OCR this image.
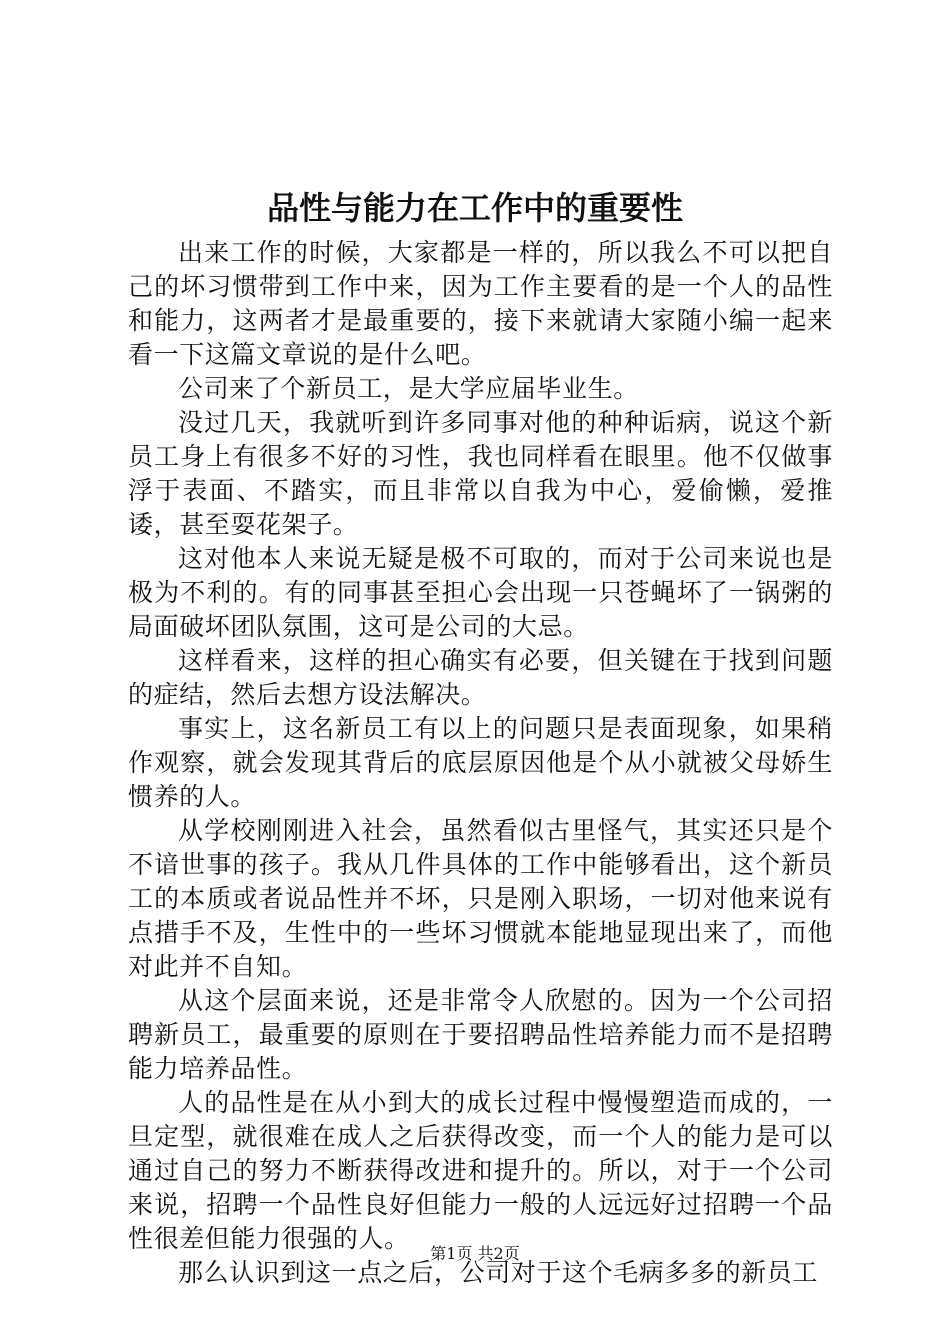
品性与能力在工作中的重要性

出来工作的时候，大家都是一样的，所以我么不可以把自己的坏习惯带到工作中来，因为工作主要看的是一个人的品性和能力，这两者才是最重要的，接下来就请大家随小编一起来看一下这篇文章说的是什么吧。

公司来了个新员工，是大学应届毕业生。

没过几天，我就听到许多同事对他的种种诟病，说这个新员工身上有很多不好的习性，我也同样看在眼里。他不仅做事浮于表面、不踏实，而且非常以自我为中心，爱偷懒，爱推诿，甚至耍花架子。

这对他本人来说无疑是极不可取的，而对于公司来说也是极为不利的。有的同事甚至担心会出现一只苍蝇坏了一锅粥的局面破坏团队氛围，这可是公司的大忌。

这样看来，这样的担心确实有必要，但关键在于找到问题的症结，然后去想方设法解决。

事实上，这名新员工有以上的问题只是表面现象，如果稍作观察，就会发现其背后的底层原因他是个从小就被父母娇生惯养的人。

从学校刚刚进入社会，虽然看似古里怪气，其实还只是个不谙世事的孩子。我从几件具体的工作中能够看出，这个新员工的本质或者说品性并不坏，只是刚入职场，一切对他来说有点措手不及，生性中的一些坏习惯就本能地显现出来了，而他对此并不自知。

从这个层面来说，还是非常令人欣慰的。因为一个公司招聘新员工，最重要的原则在于要招聘品性培养能力而不是招聘能力培养品性。

人的品性是在从小到大的成长过程中慢慢塑造而成的，一旦定型，就很难在成人之后获得改变，而一个人的能力是可以通过自己的努力不断获得改进和提升的。所以，对于一个公司来说，招聘一个品性良好但能力一般的人远远好过招聘一个品性很差但能力很强的人。

那么认识到这一点之后，公司对于这个毛病多多的新员工

第1页 共2页
